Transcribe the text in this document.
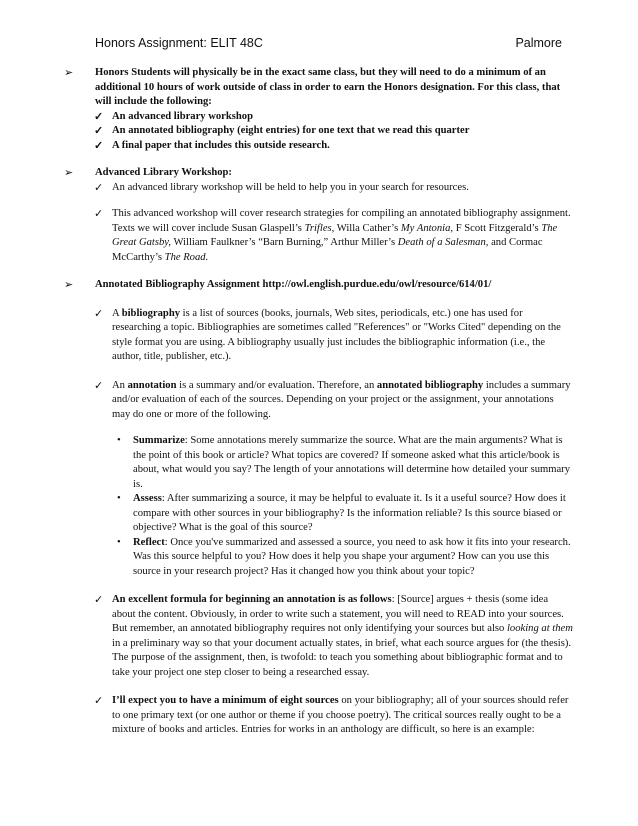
Honors Assignment: ELIT 48C	Palmore
➢	Honors Students will physically be in the exact same class, but they will need to do a minimum of an additional 10 hours of work outside of class in order to earn the Honors designation. For this class, that will include the following:

✓ An advanced library workshop
✓ An annotated bibliography (eight entries) for one text that we read this quarter
✓ A final paper that includes this outside research.
➢	Advanced Library Workshop:

✓ An advanced library workshop will be held to help you in your search for resources.
✓ This advanced workshop will cover research strategies for compiling an annotated bibliography assignment. Texts we will cover include Susan Glaspell’s Trifles, Willa Cather’s My Antonia, F Scott Fitzgerald’s The Great Gatsby, William Faulkner’s “Barn Burning,” Arthur Miller’s Death of a Salesman, and Cormac McCarthy’s The Road.
➢	Annotated Bibliography Assignment http://owl.english.purdue.edu/owl/resource/614/01/

✓ A bibliography is a list of sources (books, journals, Web sites, periodicals, etc.) one has used for researching a topic. Bibliographies are sometimes called "References" or "Works Cited" depending on the style format you are using. A bibliography usually just includes the bibliographic information (i.e., the author, title, publisher, etc.).
✓ An annotation is a summary and/or evaluation. Therefore, an annotated bibliography includes a summary and/or evaluation of each of the sources. Depending on your project or the assignment, your annotations may do one or more of the following.
• Summarize: Some annotations merely summarize the source. What are the main arguments? What is the point of this book or article? What topics are covered? If someone asked what this article/book is about, what would you say? The length of your annotations will determine how detailed your summary is.
• Assess: After summarizing a source, it may be helpful to evaluate it. Is it a useful source? How does it compare with other sources in your bibliography? Is the information reliable? Is this source biased or objective? What is the goal of this source?
• Reflect: Once you've summarized and assessed a source, you need to ask how it fits into your research. Was this source helpful to you? How does it help you shape your argument? How can you use this source in your research project? Has it changed how you think about your topic?
✓ An excellent formula for beginning an annotation is as follows: [Source] argues + thesis (some idea about the content. Obviously, in order to write such a statement, you will need to READ into your sources. But remember, an annotated bibliography requires not only identifying your sources but also looking at them in a preliminary way so that your document actually states, in brief, what each source argues for (the thesis). The purpose of the assignment, then, is twofold: to teach you something about bibliographic format and to take your project one step closer to being a researched essay.
✓ I’ll expect you to have a minimum of eight sources on your bibliography; all of your sources should refer to one primary text (or one author or theme if you choose poetry). The critical sources really ought to be a mixture of books and articles. Entries for works in an anthology are difficult, so here is an example:
